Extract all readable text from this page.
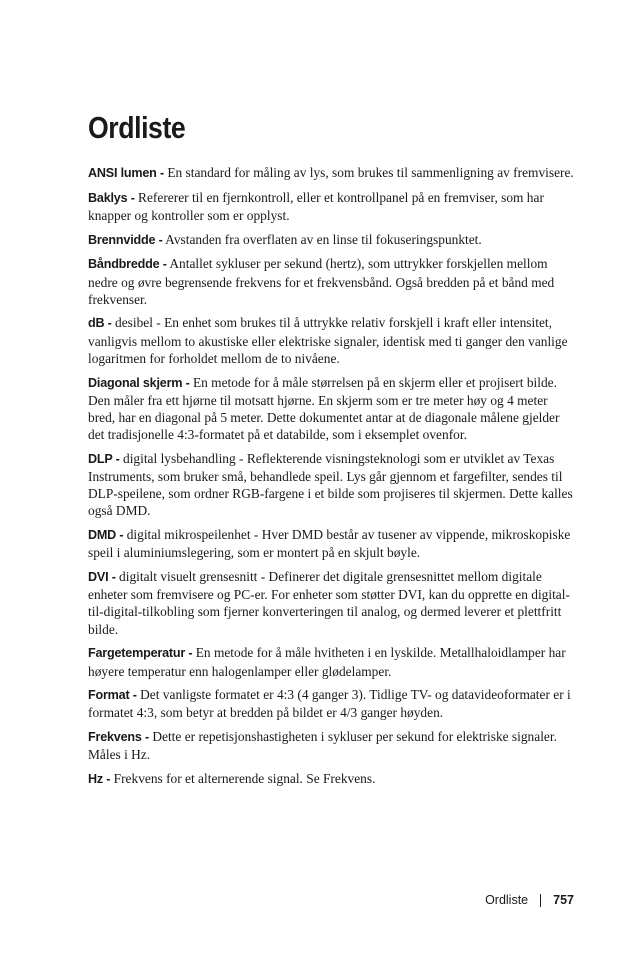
Ordliste

ANSI lumen - En standard for måling av lys, som brukes til sammenligning av fremvisere.

Baklys - Refererer til en fjernkontroll, eller et kontrollpanel på en fremviser, som har knapper og kontroller som er opplyst.

Brennvidde - Avstanden fra overflaten av en linse til fokuseringspunktet.

Båndbredde - Antallet sykluser per sekund (hertz), som uttrykker forskjellen mellom nedre og øvre begrensende frekvens for et frekvensbånd. Også bredden på et bånd med frekvenser.

dB - desibel - En enhet som brukes til å uttrykke relativ forskjell i kraft eller intensitet, vanligvis mellom to akustiske eller elektriske signaler, identisk med ti ganger den vanlige logaritmen for forholdet mellom de to nivåene.

Diagonal skjerm - En metode for å måle størrelsen på en skjerm eller et projisert bilde. Den måler fra ett hjørne til motsatt hjørne. En skjerm som er tre meter høy og 4 meter bred, har en diagonal på 5 meter. Dette dokumentet antar at de diagonale målene gjelder det tradisjonelle 4:3-formatet på et databilde, som i eksemplet ovenfor.

DLP - digital lysbehandling - Reflekterende visningsteknologi som er utviklet av Texas Instruments, som bruker små, behandlede speil. Lys går gjennom et fargefilter, sendes til DLP-speilene, som ordner RGB-fargene i et bilde som projiseres til skjermen. Dette kalles også DMD.

DMD - digital mikrospeilenhet - Hver DMD består av tusener av vippende, mikroskopiske speil i aluminiumslegering, som er montert på en skjult bøyle.

DVI - digitalt visuelt grensesnitt - Definerer det digitale grensesnittet mellom digitale enheter som fremvisere og PC-er. For enheter som støtter DVI, kan du opprette en digital-til-digital-tilkobling som fjerner konverteringen til analog, og dermed leverer et plettfritt bilde.

Fargetemperatur - En metode for å måle hvitheten i en lyskilde. Metallhaloidlamper har høyere temperatur enn halogenlamper eller glødelamper.

Format - Det vanligste formatet er 4:3 (4 ganger 3). Tidlige TV- og datavideoformater er i formatet 4:3, som betyr at bredden på bildet er 4/3 ganger høyden.

Frekvens - Dette er repetisjonshastigheten i sykluser per sekund for elektriske signaler. Måles i Hz.

Hz - Frekvens for et alternerende signal. Se Frekvens.

Ordliste 757
